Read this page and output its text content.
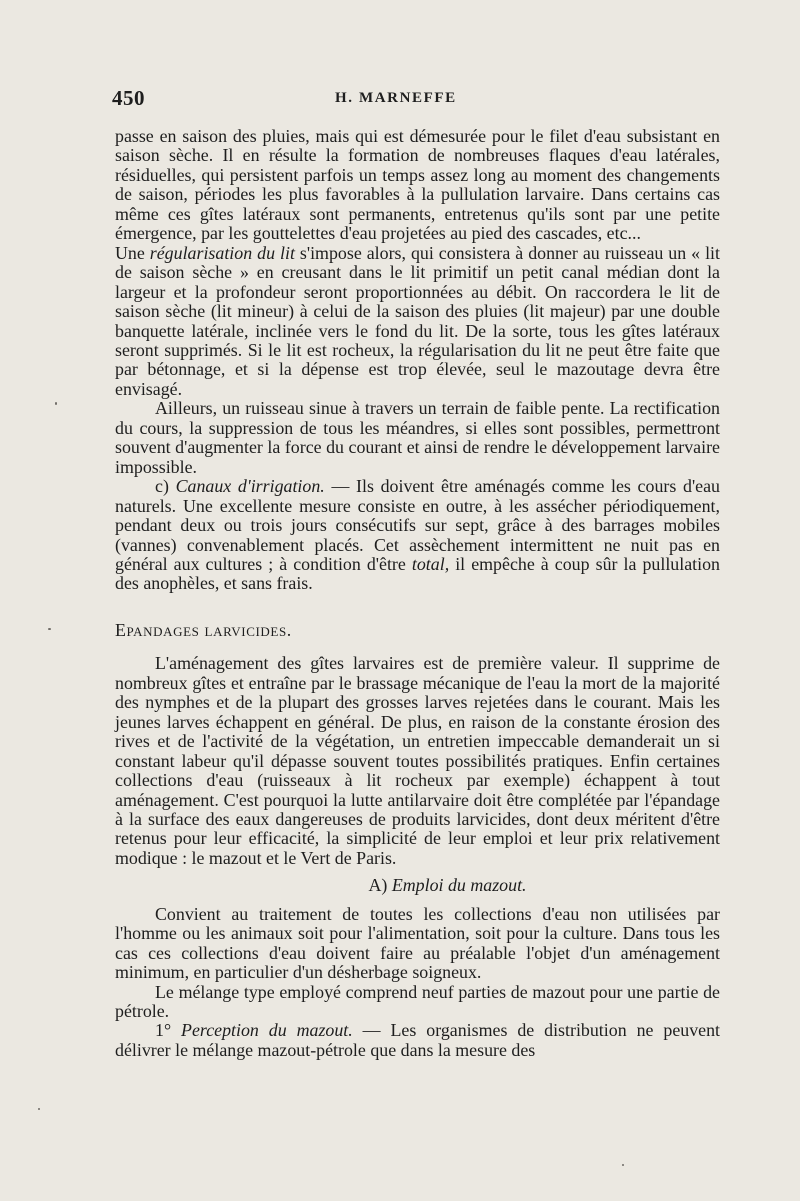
450	H. MARNEFFE

passe en saison des pluies, mais qui est démesurée pour le filet d'eau subsistant en saison sèche. Il en résulte la formation de nombreuses flaques d'eau latérales, résiduelles, qui persistent parfois un temps assez long au moment des changements de saison, périodes les plus favorables à la pullulation larvaire. Dans certains cas même ces gîtes latéraux sont permanents, entretenus qu'ils sont par une petite émergence, par les gouttelettes d'eau projetées au pied des cascades, etc...

Une régularisation du lit s'impose alors, qui consistera à donner au ruisseau un « lit de saison sèche » en creusant dans le lit primitif un petit canal médian dont la largeur et la profondeur seront proportionnées au débit. On raccordera le lit de saison sèche (lit mineur) à celui de la saison des pluies (lit majeur) par une double banquette latérale, inclinée vers le fond du lit. De la sorte, tous les gîtes latéraux seront supprimés. Si le lit est rocheux, la régularisation du lit ne peut être faite que par bétonnage, et si la dépense est trop élevée, seul le mazoutage devra être envisagé.

Ailleurs, un ruisseau sinue à travers un terrain de faible pente. La rectification du cours, la suppression de tous les méandres, si elles sont possibles, permettront souvent d'augmenter la force du courant et ainsi de rendre le développement larvaire impossible.

c) Canaux d'irrigation. — Ils doivent être aménagés comme les cours d'eau naturels. Une excellente mesure consiste en outre, à les assécher périodiquement, pendant deux ou trois jours consécutifs sur sept, grâce à des barrages mobiles (vannes) convenablement placés. Cet assèchement intermittent ne nuit pas en général aux cultures ; à condition d'être total, il empêche à coup sûr la pullulation des anophèles, et sans frais.

Epandages larvicides.

L'aménagement des gîtes larvaires est de première valeur. Il supprime de nombreux gîtes et entraîne par le brassage mécanique de l'eau la mort de la majorité des nymphes et de la plupart des grosses larves rejetées dans le courant. Mais les jeunes larves échappent en général. De plus, en raison de la constante érosion des rives et de l'activité de la végétation, un entretien impeccable demanderait un si constant labeur qu'il dépasse souvent toutes possibilités pratiques. Enfin certaines collections d'eau (ruisseaux à lit rocheux par exemple) échappent à tout aménagement. C'est pourquoi la lutte antilarvaire doit être complétée par l'épandage à la surface des eaux dangereuses de produits larvicides, dont deux méritent d'être retenus pour leur efficacité, la simplicité de leur emploi et leur prix relativement modique : le mazout et le Vert de Paris.

A) Emploi du mazout.

Convient au traitement de toutes les collections d'eau non utilisées par l'homme ou les animaux soit pour l'alimentation, soit pour la culture. Dans tous les cas ces collections d'eau doivent faire au préalable l'objet d'un aménagement minimum, en particulier d'un désherbage soigneux.

Le mélange type employé comprend neuf parties de mazout pour une partie de pétrole.

1° Perception du mazout. — Les organismes de distribution ne peuvent délivrer le mélange mazout-pétrole que dans la mesure des
